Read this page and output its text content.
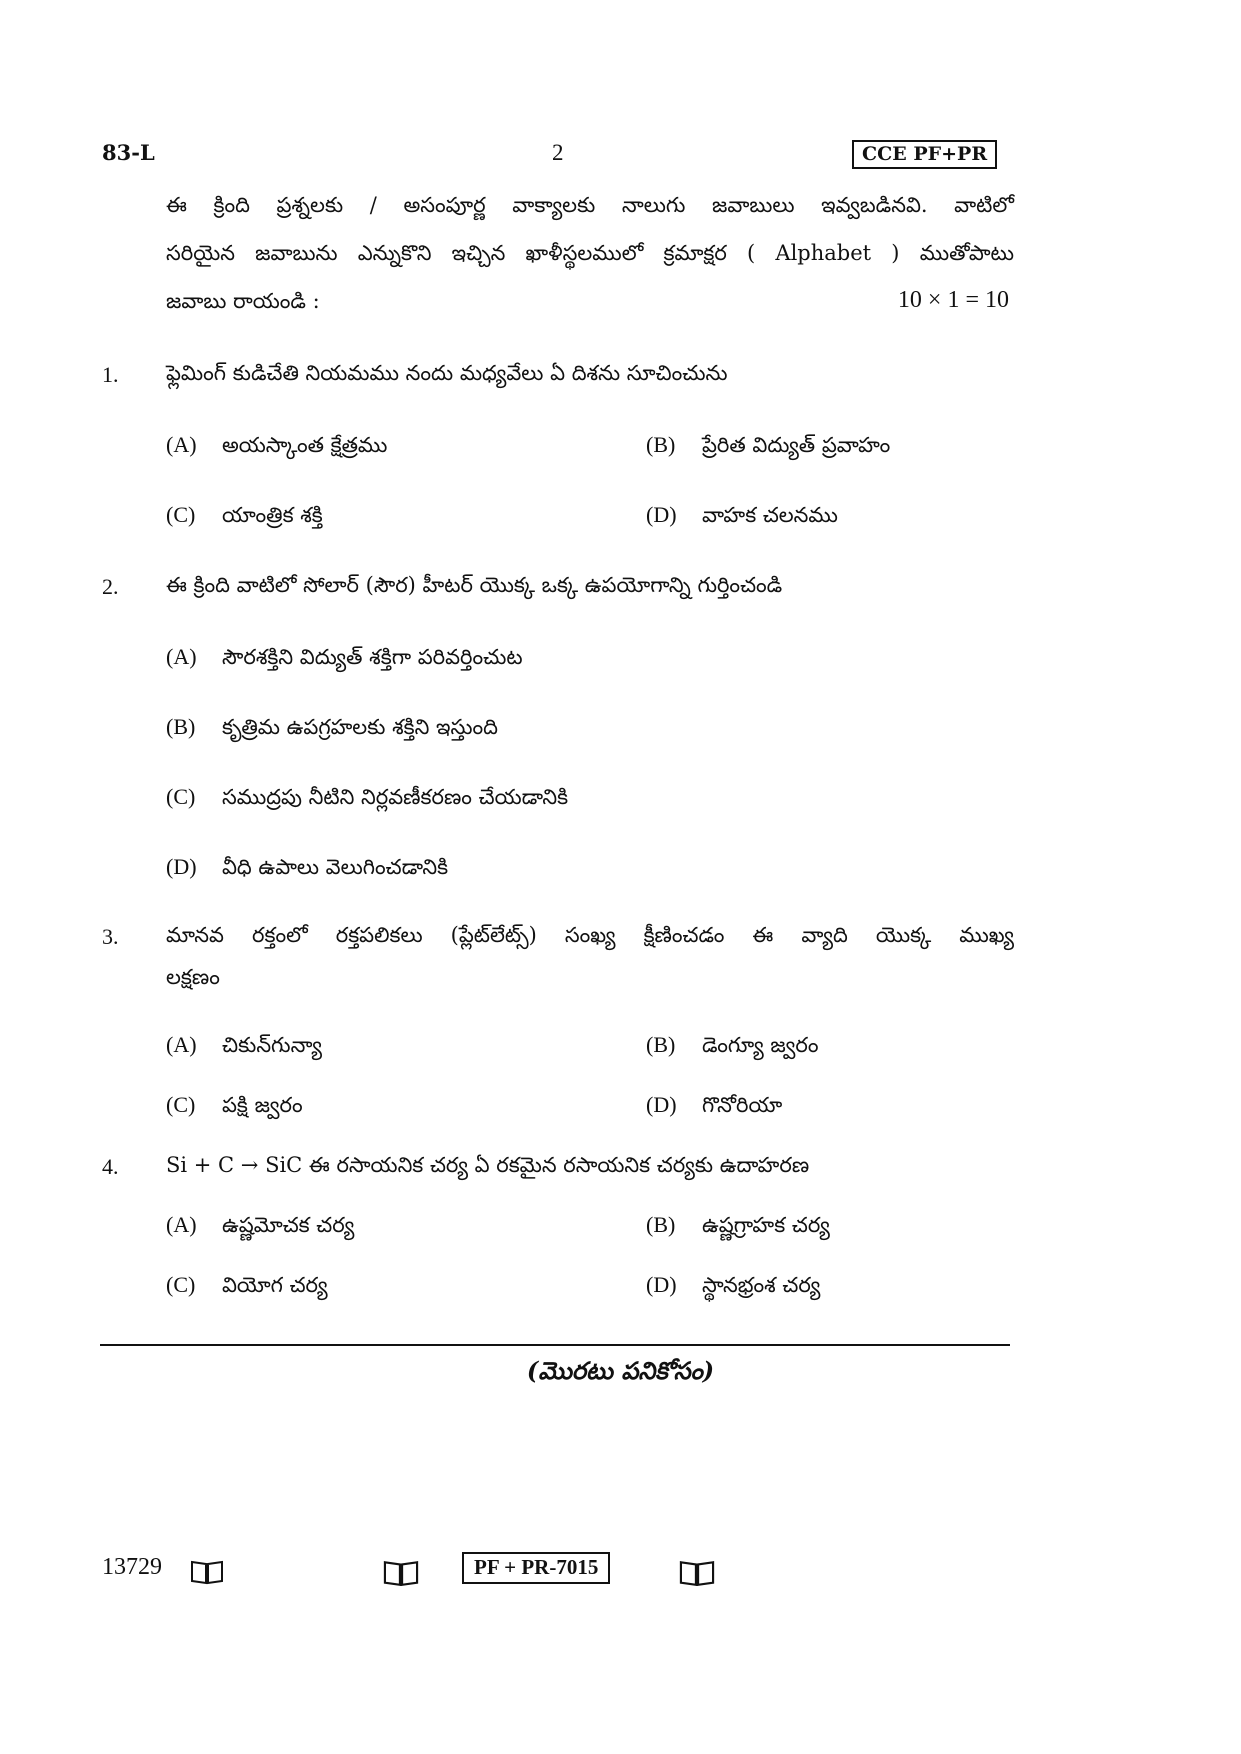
83-L	2	CCE PF+PR
ఈ క్రింది ప్రశ్నలకు / అసంపూర్ణ వాక్యాలకు నాలుగు జవాబులు ఇవ్వబడినవి. వాటిలో
సరియైన జవాబును ఎన్నుకొని ఇచ్చిన ఖాళీస్థలములో క్రమాక్షర ( Alphabet ) ముతోపాటు
జవాబు రాయండి :	10 × 1 = 10
1. ఫ్లెమింగ్ కుడిచేతి నియమము నందు మధ్యవేలు ఏ దిశను సూచించును
(A) అయస్కాంత క్షేత్రము	(B) ప్రేరిత విద్యుత్ ప్రవాహం
(C) యాంత్రిక శక్తి	(D) వాహక చలనము
2. ఈ క్రింది వాటిలో సోలార్ (సౌర) హీటర్ యొక్క ఒక్క ఉపయోగాన్ని గుర్తించండి
(A) సౌరశక్తిని విద్యుత్ శక్తిగా పరివర్తించుట
(B) కృత్రిమ ఉపగ్రహలకు శక్తిని ఇస్తుంది
(C) సముద్రపు నీటిని నిర్లవణీకరణం చేయడానికి
(D) వీధి ఉపాలు వెలుగించడానికి
3. మానవ రక్తంలో రక్తపలికలు (ప్లేట్‌లేట్స్) సంఖ్య క్షీణించడం ఈ వ్యాది యొక్క ముఖ్య
లక్షణం
(A) చికున్‌గున్యా	(B) డెంగ్యూ జ్వరం
(C) పక్షి జ్వరం	(D) గొనోరియా
4. Si + C → SiC ఈ రసాయనిక చర్య ఏ రకమైన రసాయనిక చర్యకు ఉదాహరణ
(A) ఉష్ణమోచక చర్య	(B) ఉష్ణగ్రాహక చర్య
(C) వియోగ చర్య	(D) స్థానభ్రంశ చర్య
(మొరటు పనికోసం)
13729	PF + PR-7015
